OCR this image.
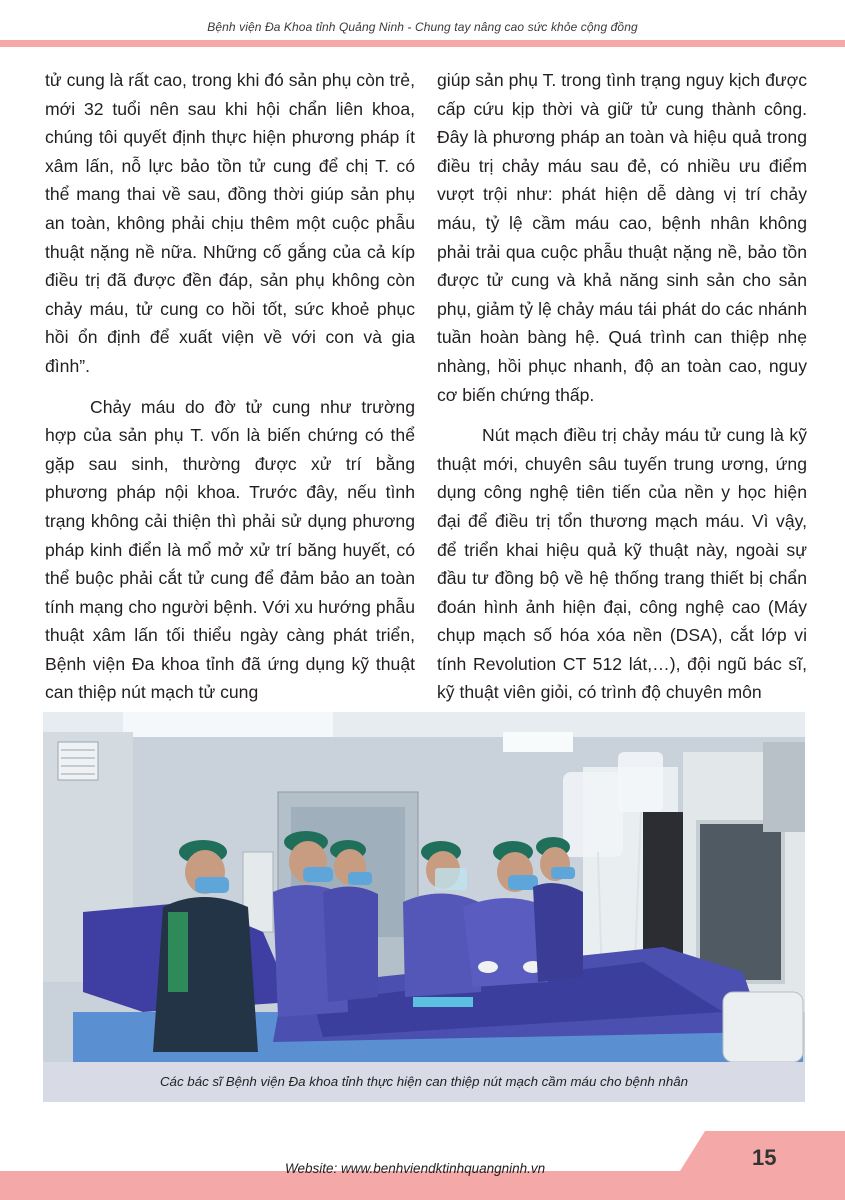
Bệnh viện Đa Khoa tỉnh Quảng Ninh - Chung tay nâng cao sức khỏe cộng đồng

tử cung là rất cao, trong khi đó sản phụ còn trẻ, mới 32 tuổi nên sau khi hội chẩn liên khoa, chúng tôi quyết định thực hiện phương pháp ít xâm lấn, nỗ lực bảo tồn tử cung để chị T. có thể mang thai về sau, đồng thời giúp sản phụ an toàn, không phải chịu thêm một cuộc phẫu thuật nặng nề nữa. Những cố gắng của cả kíp điều trị đã được đền đáp, sản phụ không còn chảy máu, tử cung co hồi tốt, sức khoẻ phục hồi ổn định để xuất viện về với con và gia đình”.

Chảy máu do đờ tử cung như trường hợp của sản phụ T. vốn là biến chứng có thể gặp sau sinh, thường được xử trí bằng phương pháp nội khoa. Trước đây, nếu tình trạng không cải thiện thì phải sử dụng phương pháp kinh điển là mổ mở xử trí băng huyết, có thể buộc phải cắt tử cung để đảm bảo an toàn tính mạng cho người bệnh. Với xu hướng phẫu thuật xâm lấn tối thiểu ngày càng phát triển, Bệnh viện Đa khoa tỉnh đã ứng dụng kỹ thuật can thiệp nút mạch tử cung

giúp sản phụ T. trong tình trạng nguy kịch được cấp cứu kịp thời và giữ tử cung thành công. Đây là phương pháp an toàn và hiệu quả trong điều trị chảy máu sau đẻ, có nhiều ưu điểm vượt trội như: phát hiện dễ dàng vị trí chảy máu, tỷ lệ cầm máu cao, bệnh nhân không phải trải qua cuộc phẫu thuật nặng nề, bảo tồn được tử cung và khả năng sinh sản cho sản phụ, giảm tỷ lệ chảy máu tái phát do các nhánh tuần hoàn bàng hệ. Quá trình can thiệp nhẹ nhàng, hồi phục nhanh, độ an toàn cao, nguy cơ biến chứng thấp.

Nút mạch điều trị chảy máu tử cung là kỹ thuật mới, chuyên sâu tuyến trung ương, ứng dụng công nghệ tiên tiến của nền y học hiện đại để điều trị tổn thương mạch máu. Vì vậy, để triển khai hiệu quả kỹ thuật này, ngoài sự đầu tư đồng bộ về hệ thống trang thiết bị chẩn đoán hình ảnh hiện đại, công nghệ cao (Máy chụp mạch số hóa xóa nền (DSA), cắt lớp vi tính Revolution CT 512 lát,…), đội ngũ bác sĩ, kỹ thuật viên giỏi, có trình độ chuyên môn

Các bác sĩ Bệnh viện Đa khoa tỉnh thực hiện can thiệp nút mạch cầm máu cho bệnh nhân
Website: www.benhviendktinhquangninh.vn	15
